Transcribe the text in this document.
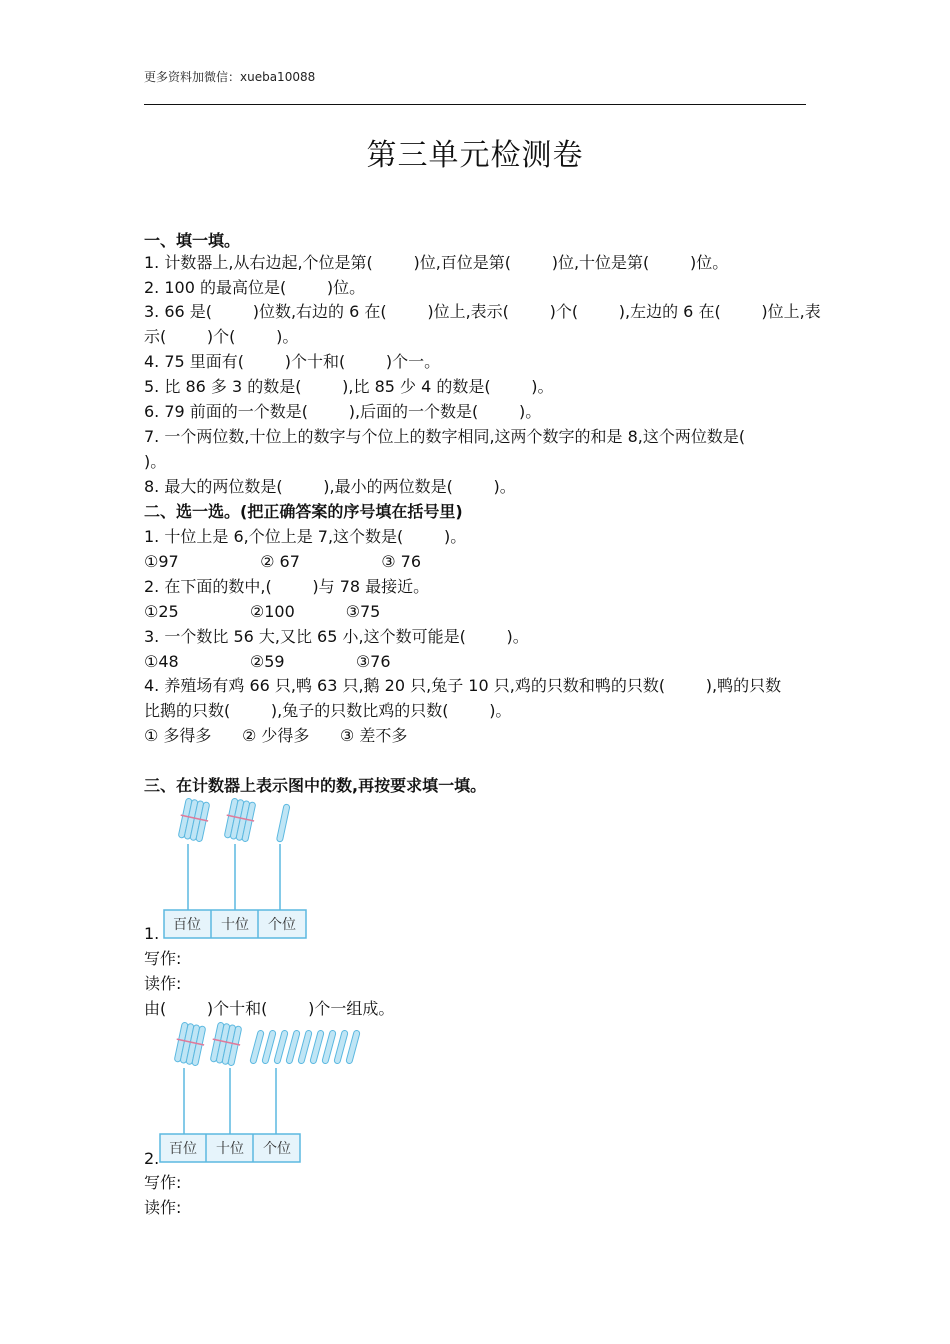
更多资料加微信：xueba10088
第三单元检测卷
一、填一填。
1. 计数器上,从右边起,个位是第(        )位,百位是第(        )位,十位是第(        )位。
2. 100 的最高位是(        )位。
3. 66 是(        )位数,右边的 6 在(        )位上,表示(        )个(        ),左边的 6 在(        )位上,表
示(        )个(        )。
4. 75 里面有(        )个十和(        )个一。
5. 比 86 多 3 的数是(        ),比 85 少 4 的数是(        )。
6. 79 前面的一个数是(        ),后面的一个数是(        )。
7. 一个两位数,十位上的数字与个位上的数字相同,这两个数字的和是 8,这个两位数是(
)。
8. 最大的两位数是(        ),最小的两位数是(        )。
二、选一选。(把正确答案的序号填在括号里)
1. 十位上是 6,个位上是 7,这个数是(        )。
①97                ② 67                ③ 76
2. 在下面的数中,(        )与 78 最接近。
①25              ②100          ③75
3. 一个数比 56 大,又比 65 小,这个数可能是(        )。
①48              ②59              ③76
4. 养殖场有鸡 66 只,鸭 63 只,鹅 20 只,兔子 10 只,鸡的只数和鸭的只数(        ),鸭的只数
比鹅的只数(        ),兔子的只数比鸡的只数(        )。
① 多得多      ② 少得多      ③ 差不多
三、在计数器上表示图中的数,再按要求填一填。
百位 十位 个位
1.
写作:
读作:
由(        )个十和(        )个一组成。
百位 十位 个位
2.
写作:
读作:
